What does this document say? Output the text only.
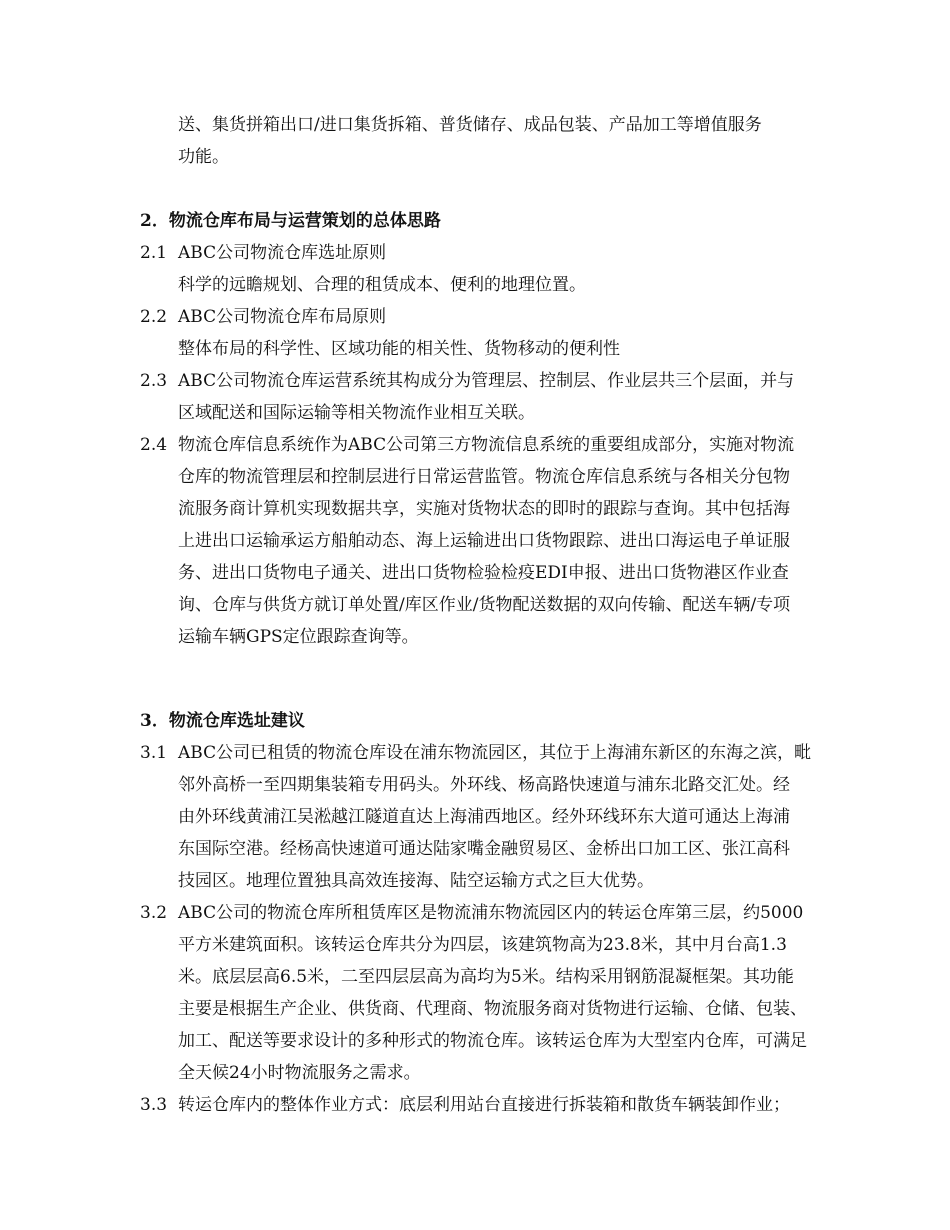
送、集货拼箱出口/进口集货拆箱、普货储存、成品包装、产品加工等增值服务
功能。
2．物流仓库布局与运营策划的总体思路
2.1 ABC公司物流仓库选址原则
科学的远瞻规划、合理的租赁成本、便利的地理位置。
2.2 ABC公司物流仓库布局原则
整体布局的科学性、区域功能的相关性、货物移动的便利性
2.3 ABC公司物流仓库运营系统其构成分为管理层、控制层、作业层共三个层面，并与
区域配送和国际运输等相关物流作业相互关联。
2.4 物流仓库信息系统作为ABC公司第三方物流信息系统的重要组成部分，实施对物流
仓库的物流管理层和控制层进行日常运营监管。物流仓库信息系统与各相关分包物
流服务商计算机实现数据共享，实施对货物状态的即时的跟踪与查询。其中包括海
上进出口运输承运方船舶动态、海上运输进出口货物跟踪、进出口海运电子单证服
务、进出口货物电子通关、进出口货物检验检疫EDI申报、进出口货物港区作业查
询、仓库与供货方就订单处置/库区作业/货物配送数据的双向传输、配送车辆/专项
运输车辆GPS定位跟踪查询等。
3．物流仓库选址建议
3.1 ABC公司已租赁的物流仓库设在浦东物流园区，其位于上海浦东新区的东海之滨，毗
邻外高桥一至四期集装箱专用码头。外环线、杨高路快速道与浦东北路交汇处。经
由外环线黄浦江吴淞越江隧道直达上海浦西地区。经外环线环东大道可通达上海浦
东国际空港。经杨高快速道可通达陆家嘴金融贸易区、金桥出口加工区、张江高科
技园区。地理位置独具高效连接海、陆空运输方式之巨大优势。
3.2 ABC公司的物流仓库所租赁库区是物流浦东物流园区内的转运仓库第三层，约5000
平方米建筑面积。该转运仓库共分为四层，该建筑物高为23.8米，其中月台高1.3
米。底层层高6.5米，二至四层层高为高均为5米。结构采用钢筋混凝框架。其功能
主要是根据生产企业、供货商、代理商、物流服务商对货物进行运输、仓储、包装、
加工、配送等要求设计的多种形式的物流仓库。该转运仓库为大型室内仓库，可满足
全天候24小时物流服务之需求。
3.3 转运仓库内的整体作业方式：底层利用站台直接进行拆装箱和散货车辆装卸作业；
